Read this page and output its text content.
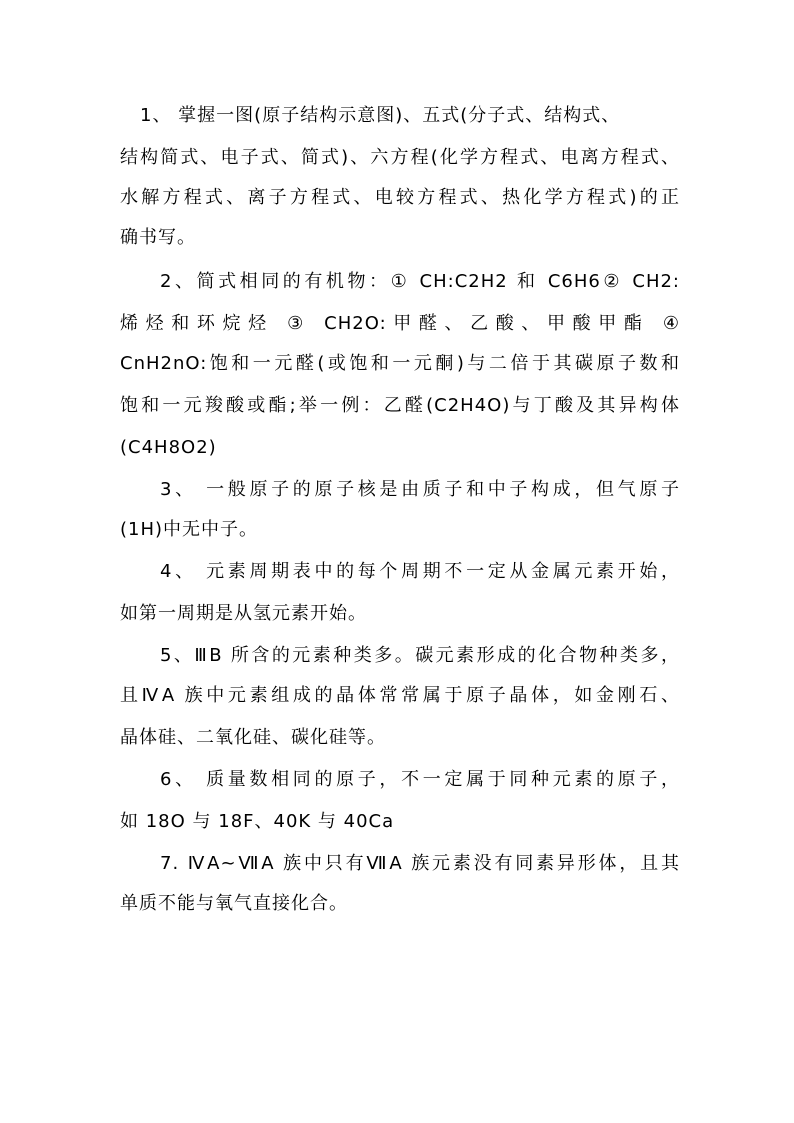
1、 掌握一图(原子结构示意图)、五式(分子式、结构式、
结构简式、电子式、简式)、六方程(化学方程式、电离方程式、
水解方程式、离子方程式、电较方程式、热化学方程式)的正
确书写。
2、简式相同的有机物：① CH:C2H2 和 C6H6② CH2:
烯烃和环烷烃 ③ CH2O:甲醛、乙酸、甲酸甲酯 ④
CnH2nO:饱和一元醛(或饱和一元酮)与二倍于其碳原子数和
饱和一元羧酸或酯;举一例：乙醛(C2H4O)与丁酸及其异构体
(C4H8O2)
3、 一般原子的原子核是由质子和中子构成，但气原子
(1H)中无中子。
4、 元素周期表中的每个周期不一定从金属元素开始，
如第一周期是从氢元素开始。
5、ⅢB 所含的元素种类多。碳元素形成的化合物种类多，
且ⅣA 族中元素组成的晶体常常属于原子晶体，如金刚石、
晶体硅、二氧化硅、碳化硅等。
6、 质量数相同的原子，不一定属于同种元素的原子，
如 18O 与 18F、40K 与 40Ca
7. ⅣA~ⅦA 族中只有ⅦA 族元素没有同素异形体，且其
单质不能与氧气直接化合。
